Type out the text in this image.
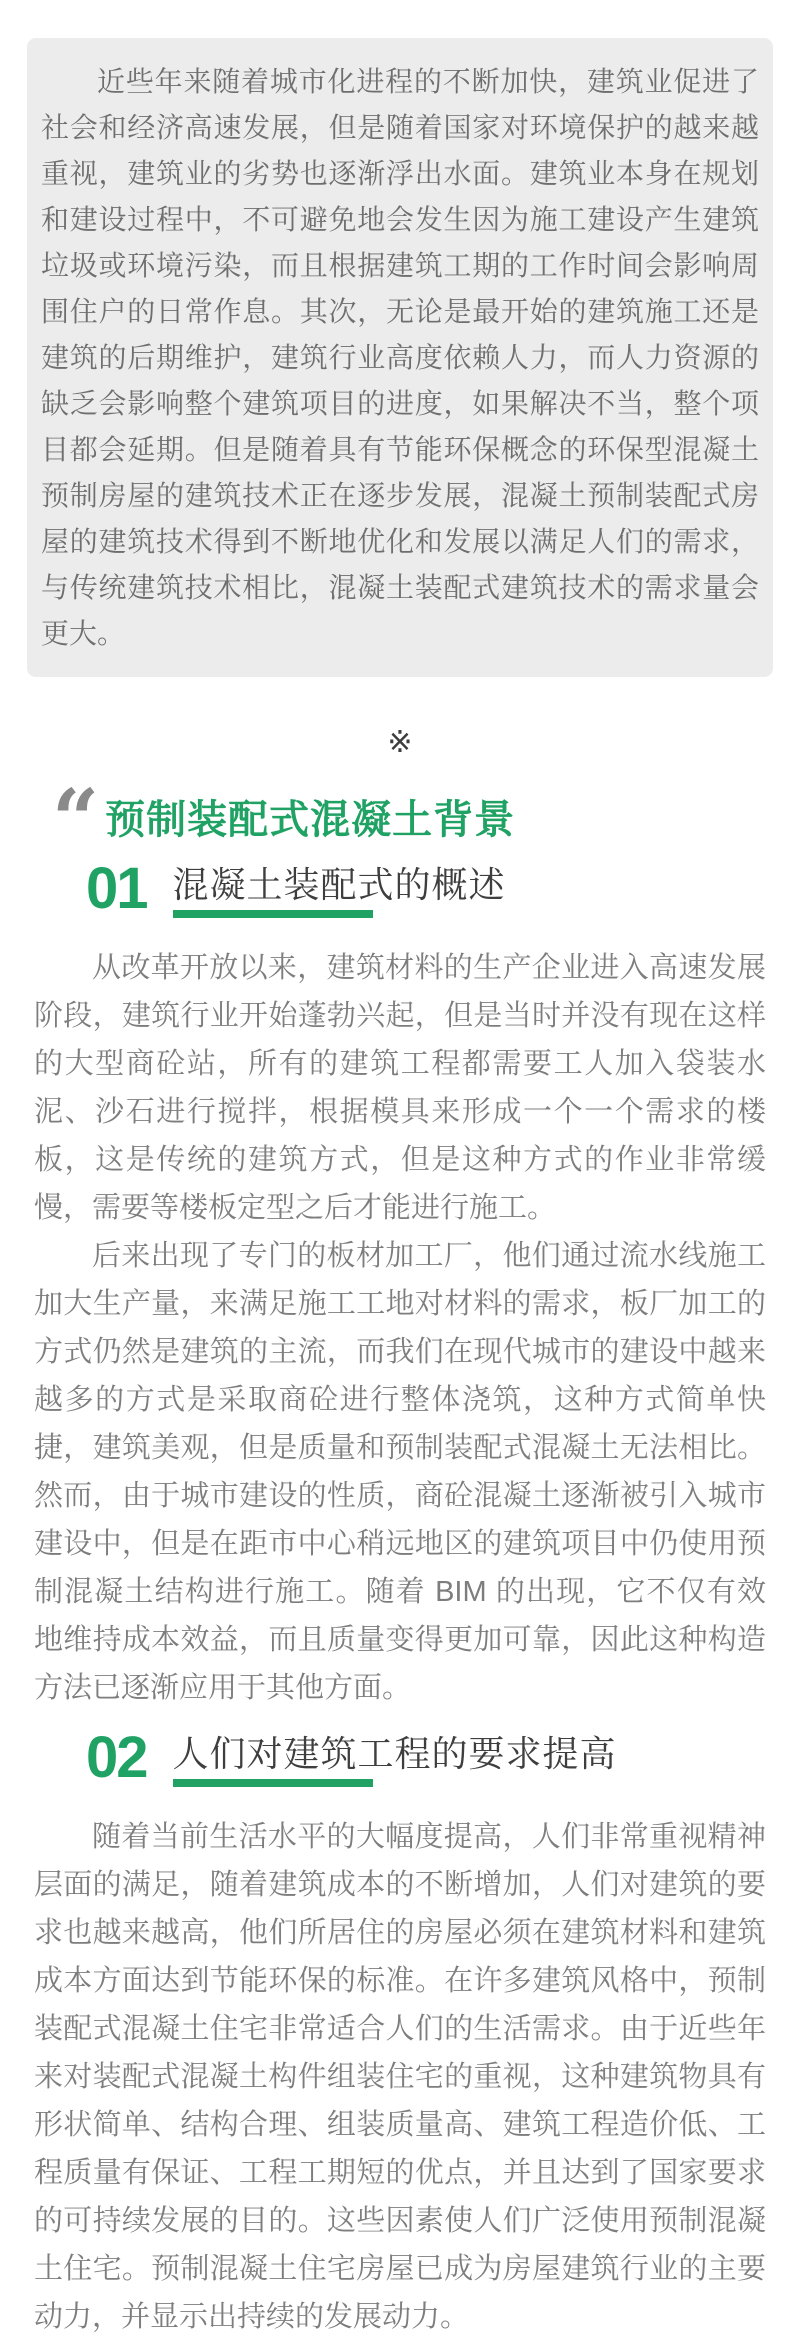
近些年来随着城市化进程的不断加快，建筑业促进了社会和经济高速发展，但是随着国家对环境保护的越来越重视，建筑业的劣势也逐渐浮出水面。建筑业本身在规划和建设过程中，不可避免地会发生因为施工建设产生建筑垃圾或环境污染，而且根据建筑工期的工作时间会影响周围住户的日常作息。其次，无论是最开始的建筑施工还是建筑的后期维护，建筑行业高度依赖人力，而人力资源的缺乏会影响整个建筑项目的进度，如果解决不当，整个项目都会延期。但是随着具有节能环保概念的环保型混凝土预制房屋的建筑技术正在逐步发展，混凝土预制装配式房屋的建筑技术得到不断地优化和发展以满足人们的需求，与传统建筑技术相比，混凝土装配式建筑技术的需求量会更大。

※
“ 预制装配式混凝土背景
01 混凝土装配式的概述

从改革开放以来，建筑材料的生产企业进入高速发展阶段，建筑行业开始蓬勃兴起，但是当时并没有现在这样的大型商砼站，所有的建筑工程都需要工人加入袋装水泥、沙石进行搅拌，根据模具来形成一个一个需求的楼板，这是传统的建筑方式，但是这种方式的作业非常缓慢，需要等楼板定型之后才能进行施工。

后来出现了专门的板材加工厂，他们通过流水线施工加大生产量，来满足施工工地对材料的需求，板厂加工的方式仍然是建筑的主流，而我们在现代城市的建设中越来越多的方式是采取商砼进行整体浇筑，这种方式简单快捷，建筑美观，但是质量和预制装配式混凝土无法相比。然而，由于城市建设的性质，商砼混凝土逐渐被引入城市建设中，但是在距市中心稍远地区的建筑项目中仍使用预制混凝土结构进行施工。随着 BIM 的出现，它不仅有效地维持成本效益，而且质量变得更加可靠，因此这种构造方法已逐渐应用于其他方面。

02 人们对建筑工程的要求提高

随着当前生活水平的大幅度提高，人们非常重视精神层面的满足，随着建筑成本的不断增加，人们对建筑的要求也越来越高，他们所居住的房屋必须在建筑材料和建筑成本方面达到节能环保的标准。在许多建筑风格中，预制装配式混凝土住宅非常适合人们的生活需求。由于近些年来对装配式混凝土构件组装住宅的重视，这种建筑物具有形状简单、结构合理、组装质量高、建筑工程造价低、工程质量有保证、工程工期短的优点，并且达到了国家要求的可持续发展的目的。这些因素使人们广泛使用预制混凝土住宅。预制混凝土住宅房屋已成为房屋建筑行业的主要动力，并显示出持续的发展动力。
